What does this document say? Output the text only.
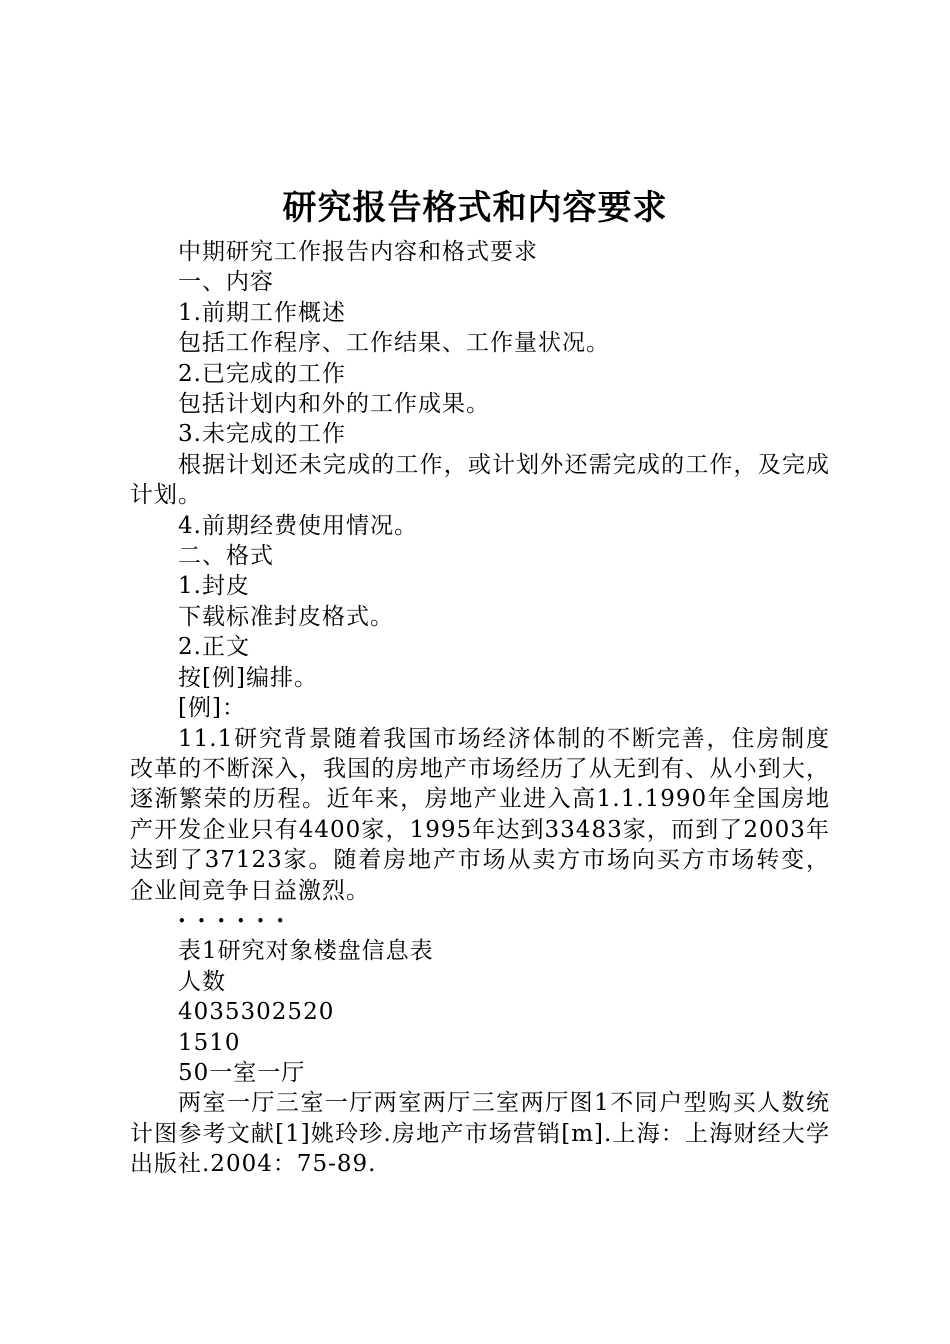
研究报告格式和内容要求

中期研究工作报告内容和格式要求

一、内容

1.前期工作概述

包括工作程序、工作结果、工作量状况。

2.已完成的工作

包括计划内和外的工作成果。

3.未完成的工作

根据计划还未完成的工作，或计划外还需完成的工作，及完成计划。

4.前期经费使用情况。

二、格式

1.封皮

下载标准封皮格式。

2.正文

按[例]编排。

[例]：

11.1研究背景随着我国市场经济体制的不断完善，住房制度改革的不断深入，我国的房地产市场经历了从无到有、从小到大，逐渐繁荣的历程。近年来，房地产业进入高1.1.1990年全国房地产开发企业只有4400家，1995年达到33483家，而到了2003年达到了37123家。随着房地产市场从卖方市场向买方市场转变，企业间竞争日益激烈。

••••••

表1研究对象楼盘信息表

人数

4035302520

1510

50一室一厅

两室一厅三室一厅两室两厅三室两厅图1不同户型购买人数统计图参考文献[1]姚玲珍.房地产市场营销[m].上海：上海财经大学出版社.2004：75-89.
